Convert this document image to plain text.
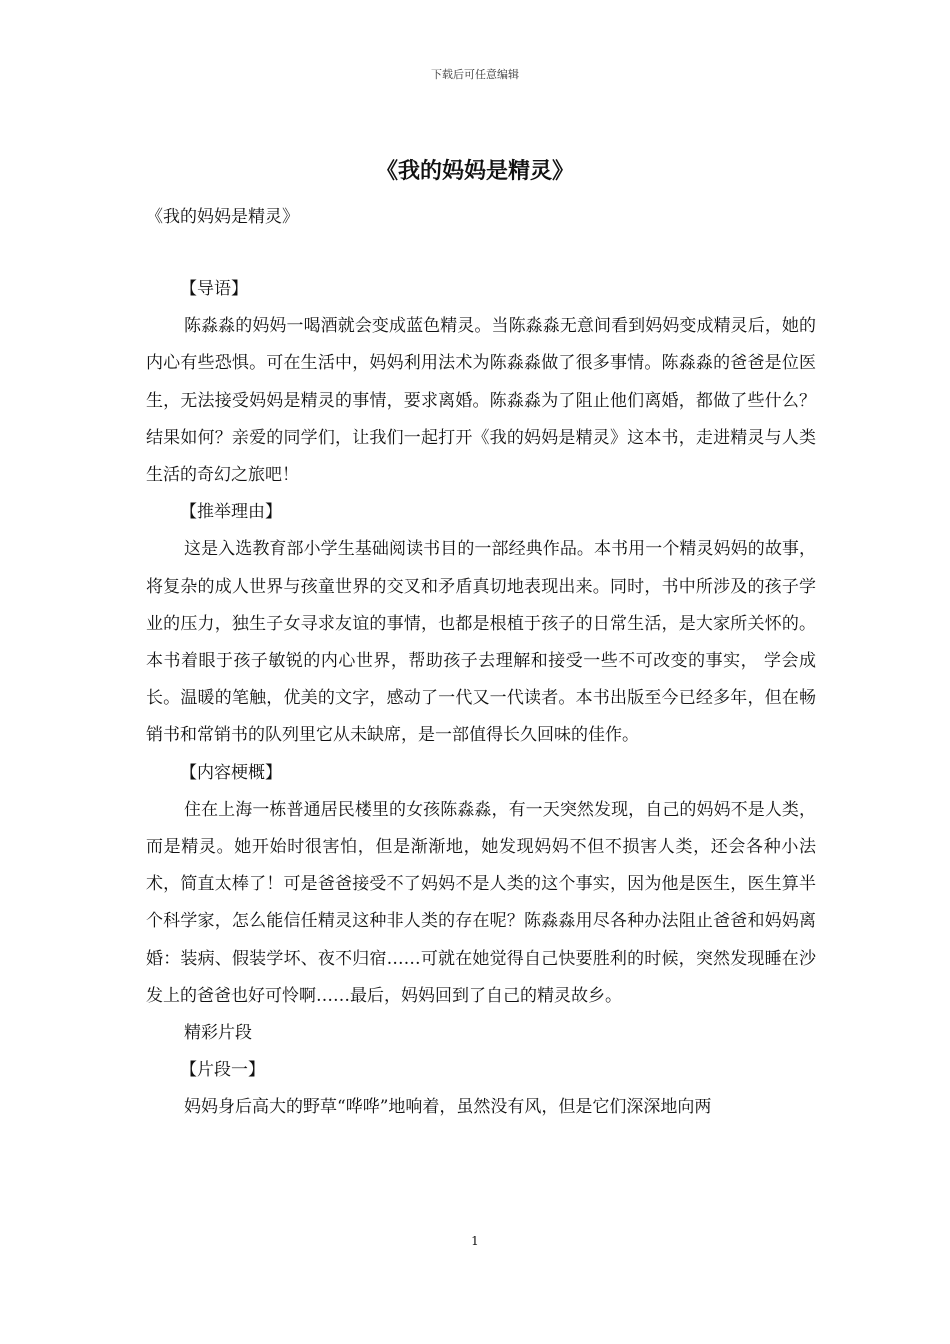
下载后可任意编辑
《我的妈妈是精灵》

《我的妈妈是精灵》

【导语】

陈淼淼的妈妈一喝酒就会变成蓝色精灵。当陈淼淼无意间看到妈妈变成精灵后，她的内心有些恐惧。可在生活中，妈妈利用法术为陈淼淼做了很多事情。陈淼淼的爸爸是位医生，无法接受妈妈是精灵的事情，要求离婚。陈淼淼为了阻止他们离婚，都做了些什么？结果如何？亲爱的同学们，让我们一起打开《我的妈妈是精灵》这本书，走进精灵与人类生活的奇幻之旅吧！

【推举理由】

这是入选教育部小学生基础阅读书目的一部经典作品。本书用一个精灵妈妈的故事，将复杂的成人世界与孩童世界的交叉和矛盾真切地表现出来。同时，书中所涉及的孩子学业的压力，独生子女寻求友谊的事情，也都是根植于孩子的日常生活，是大家所关怀的。本书着眼于孩子敏锐的内心世界，帮助孩子去理解和接受一些不可改变的事实， 学会成长。温暖的笔触，优美的文字，感动了一代又一代读者。本书出版至今已经多年，但在畅销书和常销书的队列里它从未缺席，是一部值得长久回味的佳作。

【内容梗概】

住在上海一栋普通居民楼里的女孩陈淼淼，有一天突然发现，自己的妈妈不是人类，而是精灵。她开始时很害怕，但是渐渐地，她发现妈妈不但不损害人类，还会各种小法术，简直太棒了！可是爸爸接受不了妈妈不是人类的这个事实，因为他是医生，医生算半个科学家，怎么能信任精灵这种非人类的存在呢？陈淼淼用尽各种办法阻止爸爸和妈妈离婚：装病、假装学坏、夜不归宿……可就在她觉得自己快要胜利的时候，突然发现睡在沙发上的爸爸也好可怜啊……最后，妈妈回到了自己的精灵故乡。

精彩片段

【片段一】

妈妈身后高大的野草“哗哗”地响着，虽然没有风，但是它们深深地向两

1
